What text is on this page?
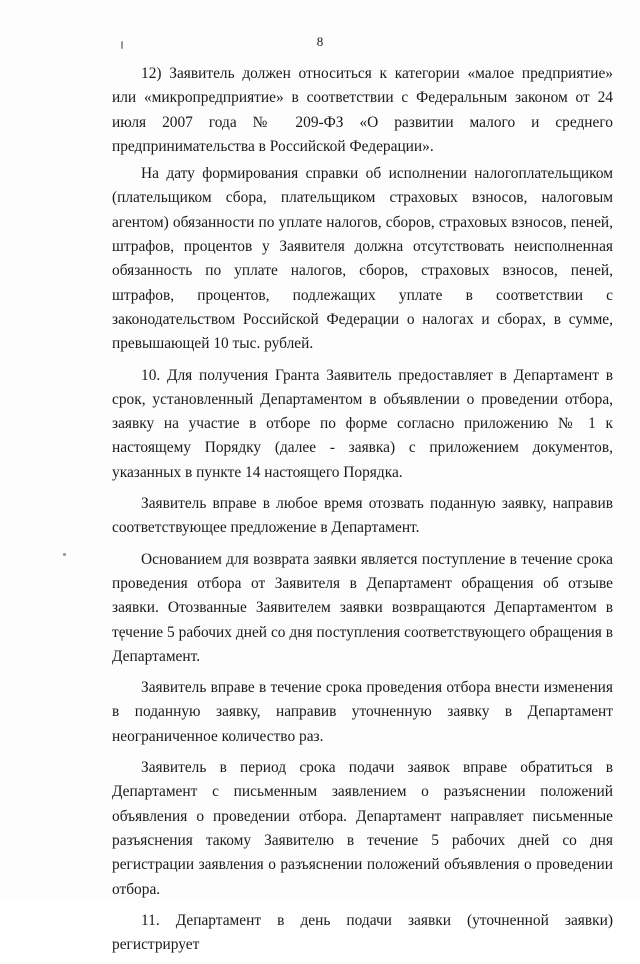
8

12) Заявитель должен относиться к категории «малое предприятие» или «микропредприятие» в соответствии с Федеральным законом от 24 июля 2007 года № 209-ФЗ «О развитии малого и среднего предпринимательства в Российской Федерации».

На дату формирования справки об исполнении налогоплательщиком (плательщиком сбора, плательщиком страховых взносов, налоговым агентом) обязанности по уплате налогов, сборов, страховых взносов, пеней, штрафов, процентов у Заявителя должна отсутствовать неисполненная обязанность по уплате налогов, сборов, страховых взносов, пеней, штрафов, процентов, подлежащих уплате в соответствии с законодательством Российской Федерации о налогах и сборах, в сумме, превышающей 10 тыс. рублей.

10. Для получения Гранта Заявитель предоставляет в Департамент в срок, установленный Департаментом в объявлении о проведении отбора, заявку на участие в отборе по форме согласно приложению № 1 к настоящему Порядку (далее - заявка) с приложением документов, указанных в пункте 14 настоящего Порядка.

Заявитель вправе в любое время отозвать поданную заявку, направив соответствующее предложение в Департамент.

Основанием для возврата заявки является поступление в течение срока проведения отбора от Заявителя в Департамент обращения об отзыве заявки. Отозванные Заявителем заявки возвращаются Департаментом в течение 5 рабочих дней со дня поступления соответствующего обращения в Департамент.

Заявитель вправе в течение срока проведения отбора внести изменения в поданную заявку, направив уточненную заявку в Департамент неограниченное количество раз.

Заявитель в период срока подачи заявок вправе обратиться в Департамент с письменным заявлением о разъяснении положений объявления о проведении отбора. Департамент направляет письменные разъяснения такому Заявителю в течение 5 рабочих дней со дня регистрации заявления о разъяснении положений объявления о проведении отбора.

11. Департамент в день подачи заявки (уточненной заявки) регистрирует
